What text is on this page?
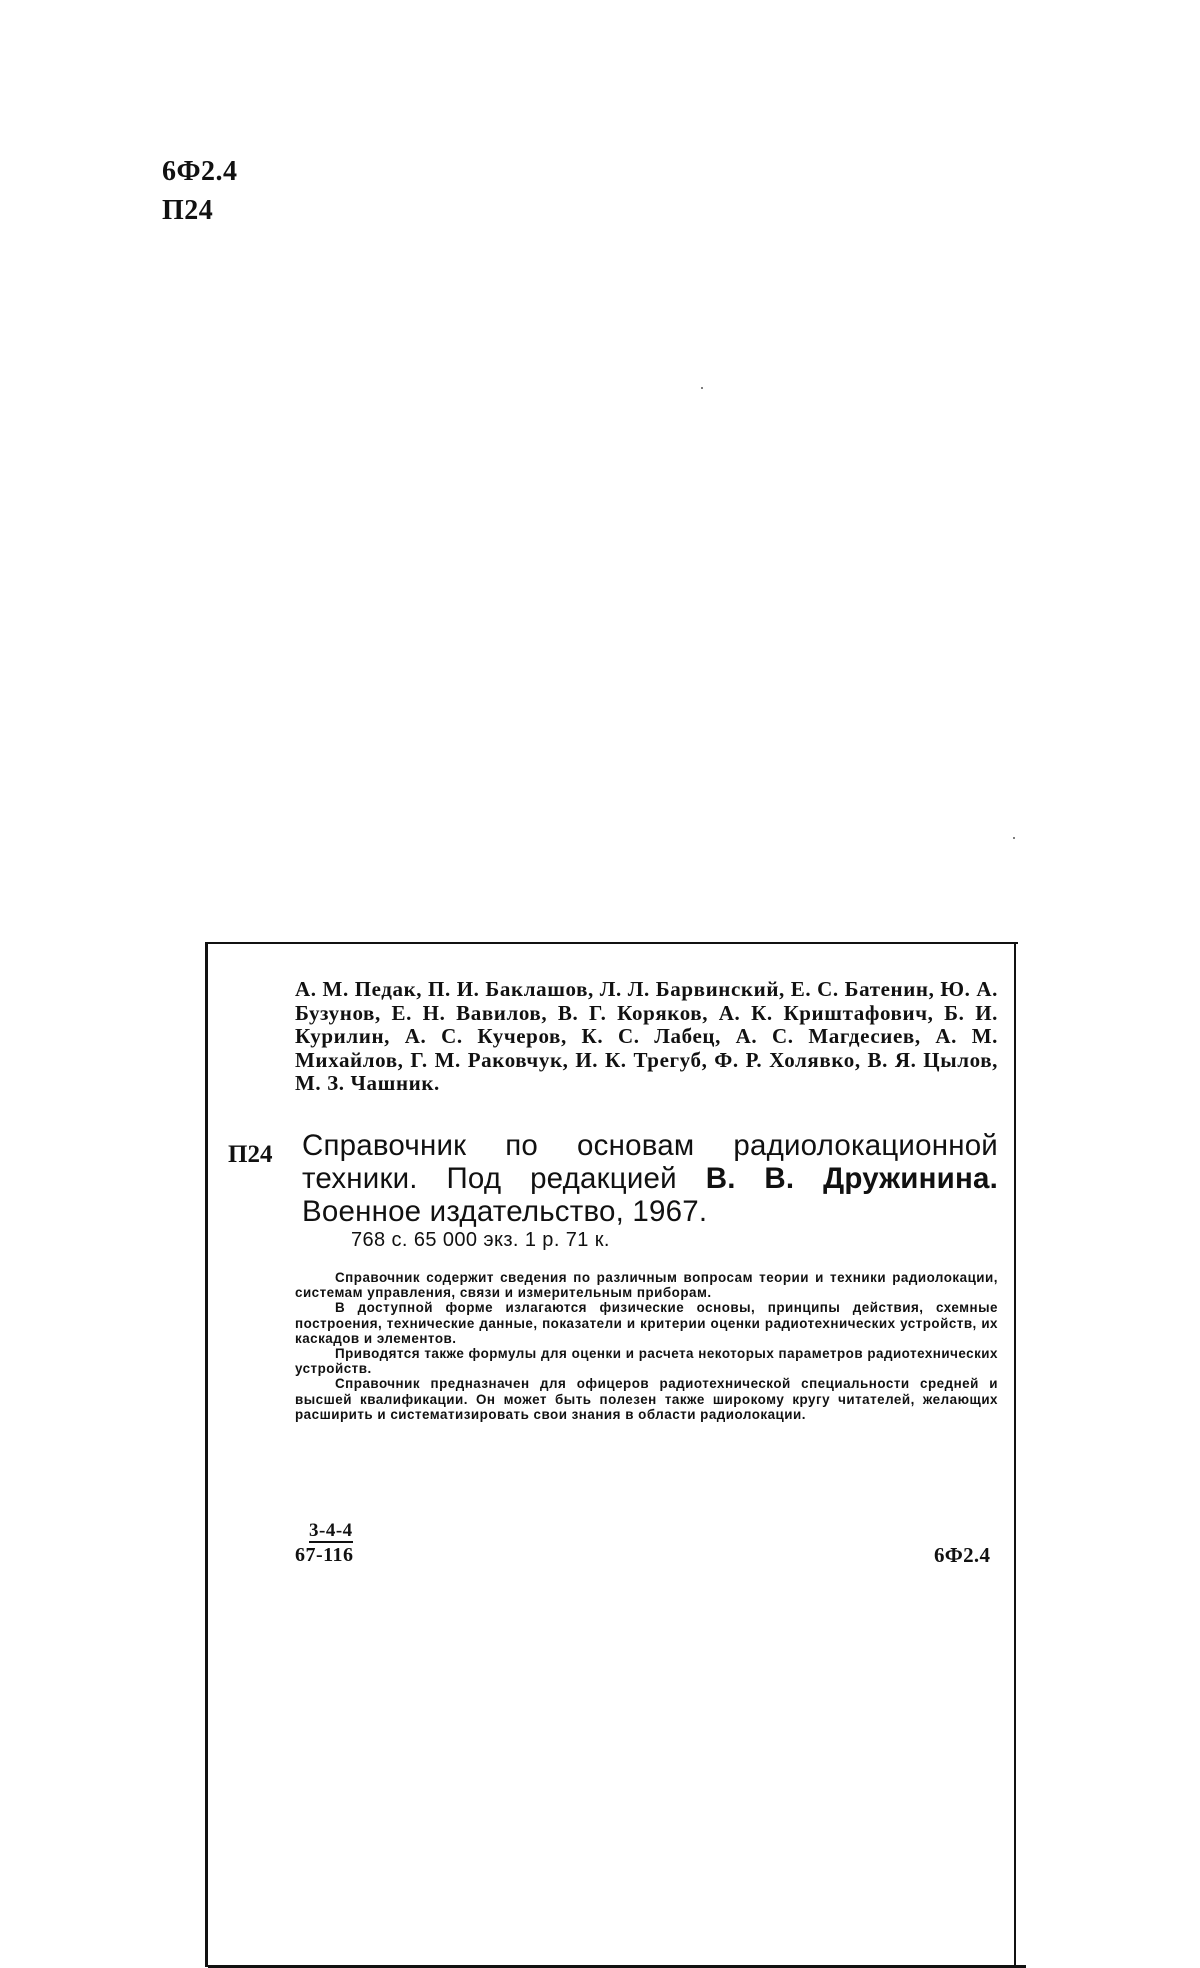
6Ф2.4
П24
А. М. Педак, П. И. Баклашов, Л. Л. Барвинский, Е. С. Батенин, Ю. А. Бузунов, Е. Н. Вавилов, В. Г. Коряков, А. К. Криштафович, Б. И. Курилин, А. С. Кучеров, К. С. Лабец, А. С. Магдесиев, А. М. Михайлов, Г. М. Раковчук, И. К. Трегуб, Ф. Р. Холявко, В. Я. Цылов, М. З. Чашник.
П24 Справочник по основам радиолокационной техники. Под редакцией В. В. Дружинина. Военное издательство, 1967.
768 с. 65 000 экз. 1 р. 71 к.

Справочник содержит сведения по различным вопросам теории и техники радиолокации, системам управления, связи и измерительным приборам.

В доступной форме излагаются физические основы, принципы действия, схемные построения, технические данные, показатели и критерии оценки радиотехнических устройств, их каскадов и элементов.

Приводятся также формулы для оценки и расчета некоторых параметров радиотехнических устройств.

Справочник предназначен для офицеров радиотехнической специальности средней и высшей квалификации. Он может быть полезен также широкому кругу читателей, желающих расширить и систематизировать свои знания в области радиолокации.

3-4-4
67-116	6Ф2.4
